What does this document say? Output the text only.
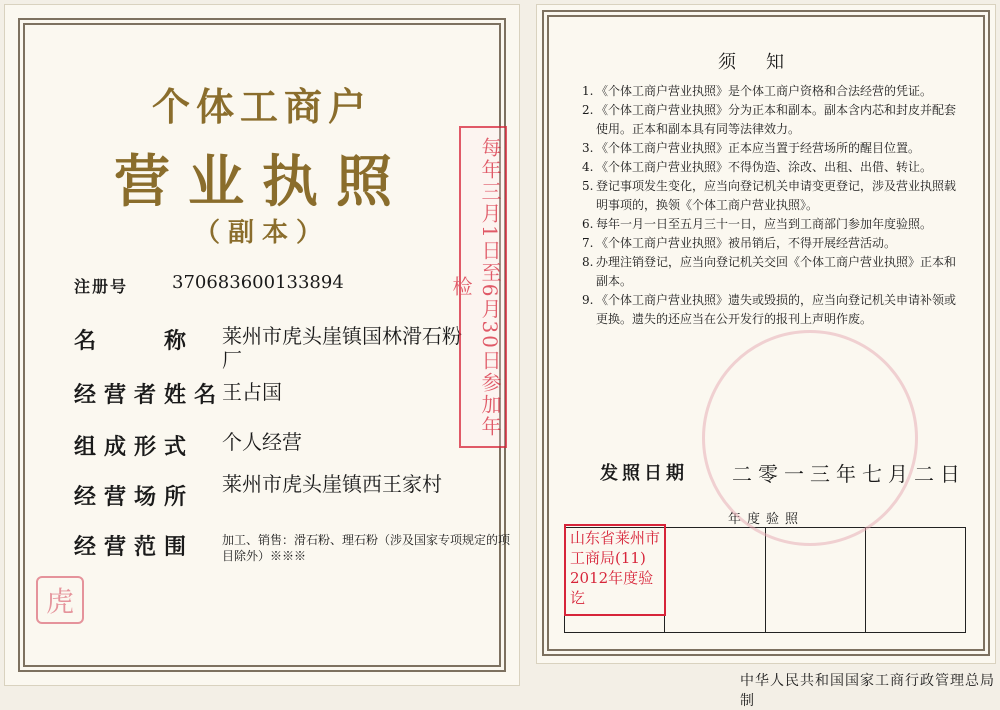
个体工商户
营业执照
（副本）
注册号 370683600133894
名　　称 莱州市虎头崖镇国林滑石粉厂
经营者姓名
王占国
组成形式 个人经营
经营场所 莱州市虎头崖镇西王家村
经营范围 加工、销售：滑石粉、理石粉（涉及国家专项规定的项目除外）※※※
每年三月1日至6月30日参加年检
虎
须知
1. 《个体工商户营业执照》是个体工商户资格和合法经营的凭证。
2. 《个体工商户营业执照》分为正本和副本。副本含内芯和封皮并配套使用。正本和副本具有同等法律效力。
3. 《个体工商户营业执照》正本应当置于经营场所的醒目位置。
4. 《个体工商户营业执照》不得伪造、涂改、出租、出借、转让。
5. 登记事项发生变化，应当向登记机关申请变更登记，涉及营业执照载明事项的，换领《个体工商户营业执照》。
6. 每年一月一日至五月三十一日，应当到工商部门参加年度验照。
7. 《个体工商户营业执照》被吊销后，不得开展经营活动。
8. 办理注销登记，应当向登记机关交回《个体工商户营业执照》正本和副本。
9. 《个体工商户营业执照》遗失或毁损的，应当向登记机关申请补领或更换。遗失的还应当在公开发行的报刊上声明作废。
发照日期 二零一三年七月二日
年度验照
山东省莱州市工商局(11) 2012年度验讫
中华人民共和国国家工商行政管理总局制
